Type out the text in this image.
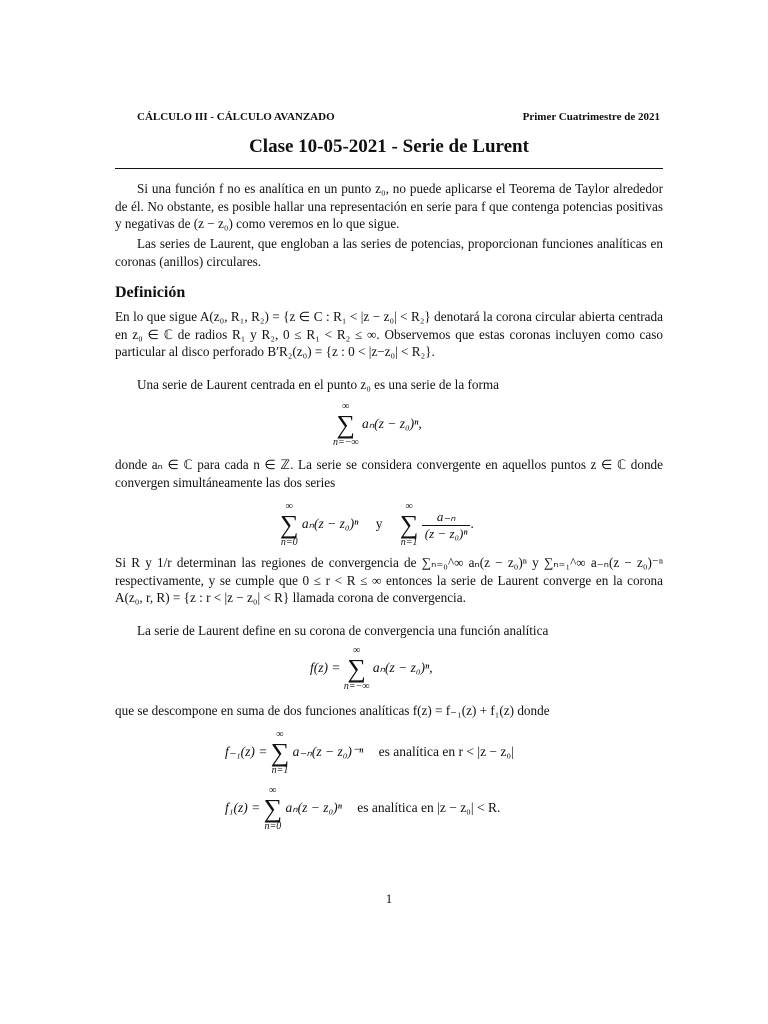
CÁLCULO III - CÁLCULO AVANZADO	Primer Cuatrimestre de 2021
Clase 10-05-2021 - Serie de Lurent

Si una función f no es analítica en un punto z₀, no puede aplicarse el Teorema de Taylor alrededor de él. No obstante, es posible hallar una representación en serie para f que contenga potencias positivas y negativas de (z − z₀) como veremos en lo que sigue.

Las series de Laurent, que engloban a las series de potencias, proporcionan funciones analíticas en coronas (anillos) circulares.

Definición

En lo que sigue A(z₀, R₁, R₂) = {z ∈ C : R₁ < |z − z₀| < R₂} denotará la corona circular abierta centrada en z₀ ∈ ℂ de radios R₁ y R₂, 0 ≤ R₁ < R₂ ≤ ∞. Observemos que estas coronas incluyen como caso particular al disco perforado B′R₂(z₀) = {z : 0 < |z−z₀| < R₂}.

Una serie de Laurent centrada en el punto z₀ es una serie de la forma

∞
∑
n=−∞
aₙ(z − z₀)ⁿ,

donde aₙ ∈ ℂ para cada n ∈ ℤ. La serie se considera convergente en aquellos puntos z ∈ ℂ donde convergen simultáneamente las dos series

∞
∑
n=0
aₙ(z − z₀)ⁿ y
∞
∑
n=1

$\frac{\text{a₋ₙ}}{\text{(z − z₀)ⁿ}}$ .

Si R y 1/r determinan las regiones de convergencia de ∑ₙ₌₀^∞ aₙ(z − z₀)ⁿ y ∑ₙ₌₁^∞ a₋ₙ(z − z₀)⁻ⁿ respectivamente, y se cumple que 0 ≤ r < R ≤ ∞ entonces la serie de Laurent converge en la corona A(z₀, r, R) = {z : r < |z − z₀| < R} llamada corona de convergencia.

La serie de Laurent define en su corona de convergencia una función analítica

f(z) =
∞
∑
n=−∞
aₙ(z − z₀)ⁿ,

que se descompone en suma de dos funciones analíticas f(z) = f₋₁(z) + f₁(z) donde

f₋₁(z) =
∞
∑
n=1
a₋ₙ(z − z₀)⁻ⁿ es analítica en r < |z − z₀|
f₁(z) =
∞
∑
n=0
aₙ(z − z₀)ⁿ es analítica en |z − z₀| < R.
1
